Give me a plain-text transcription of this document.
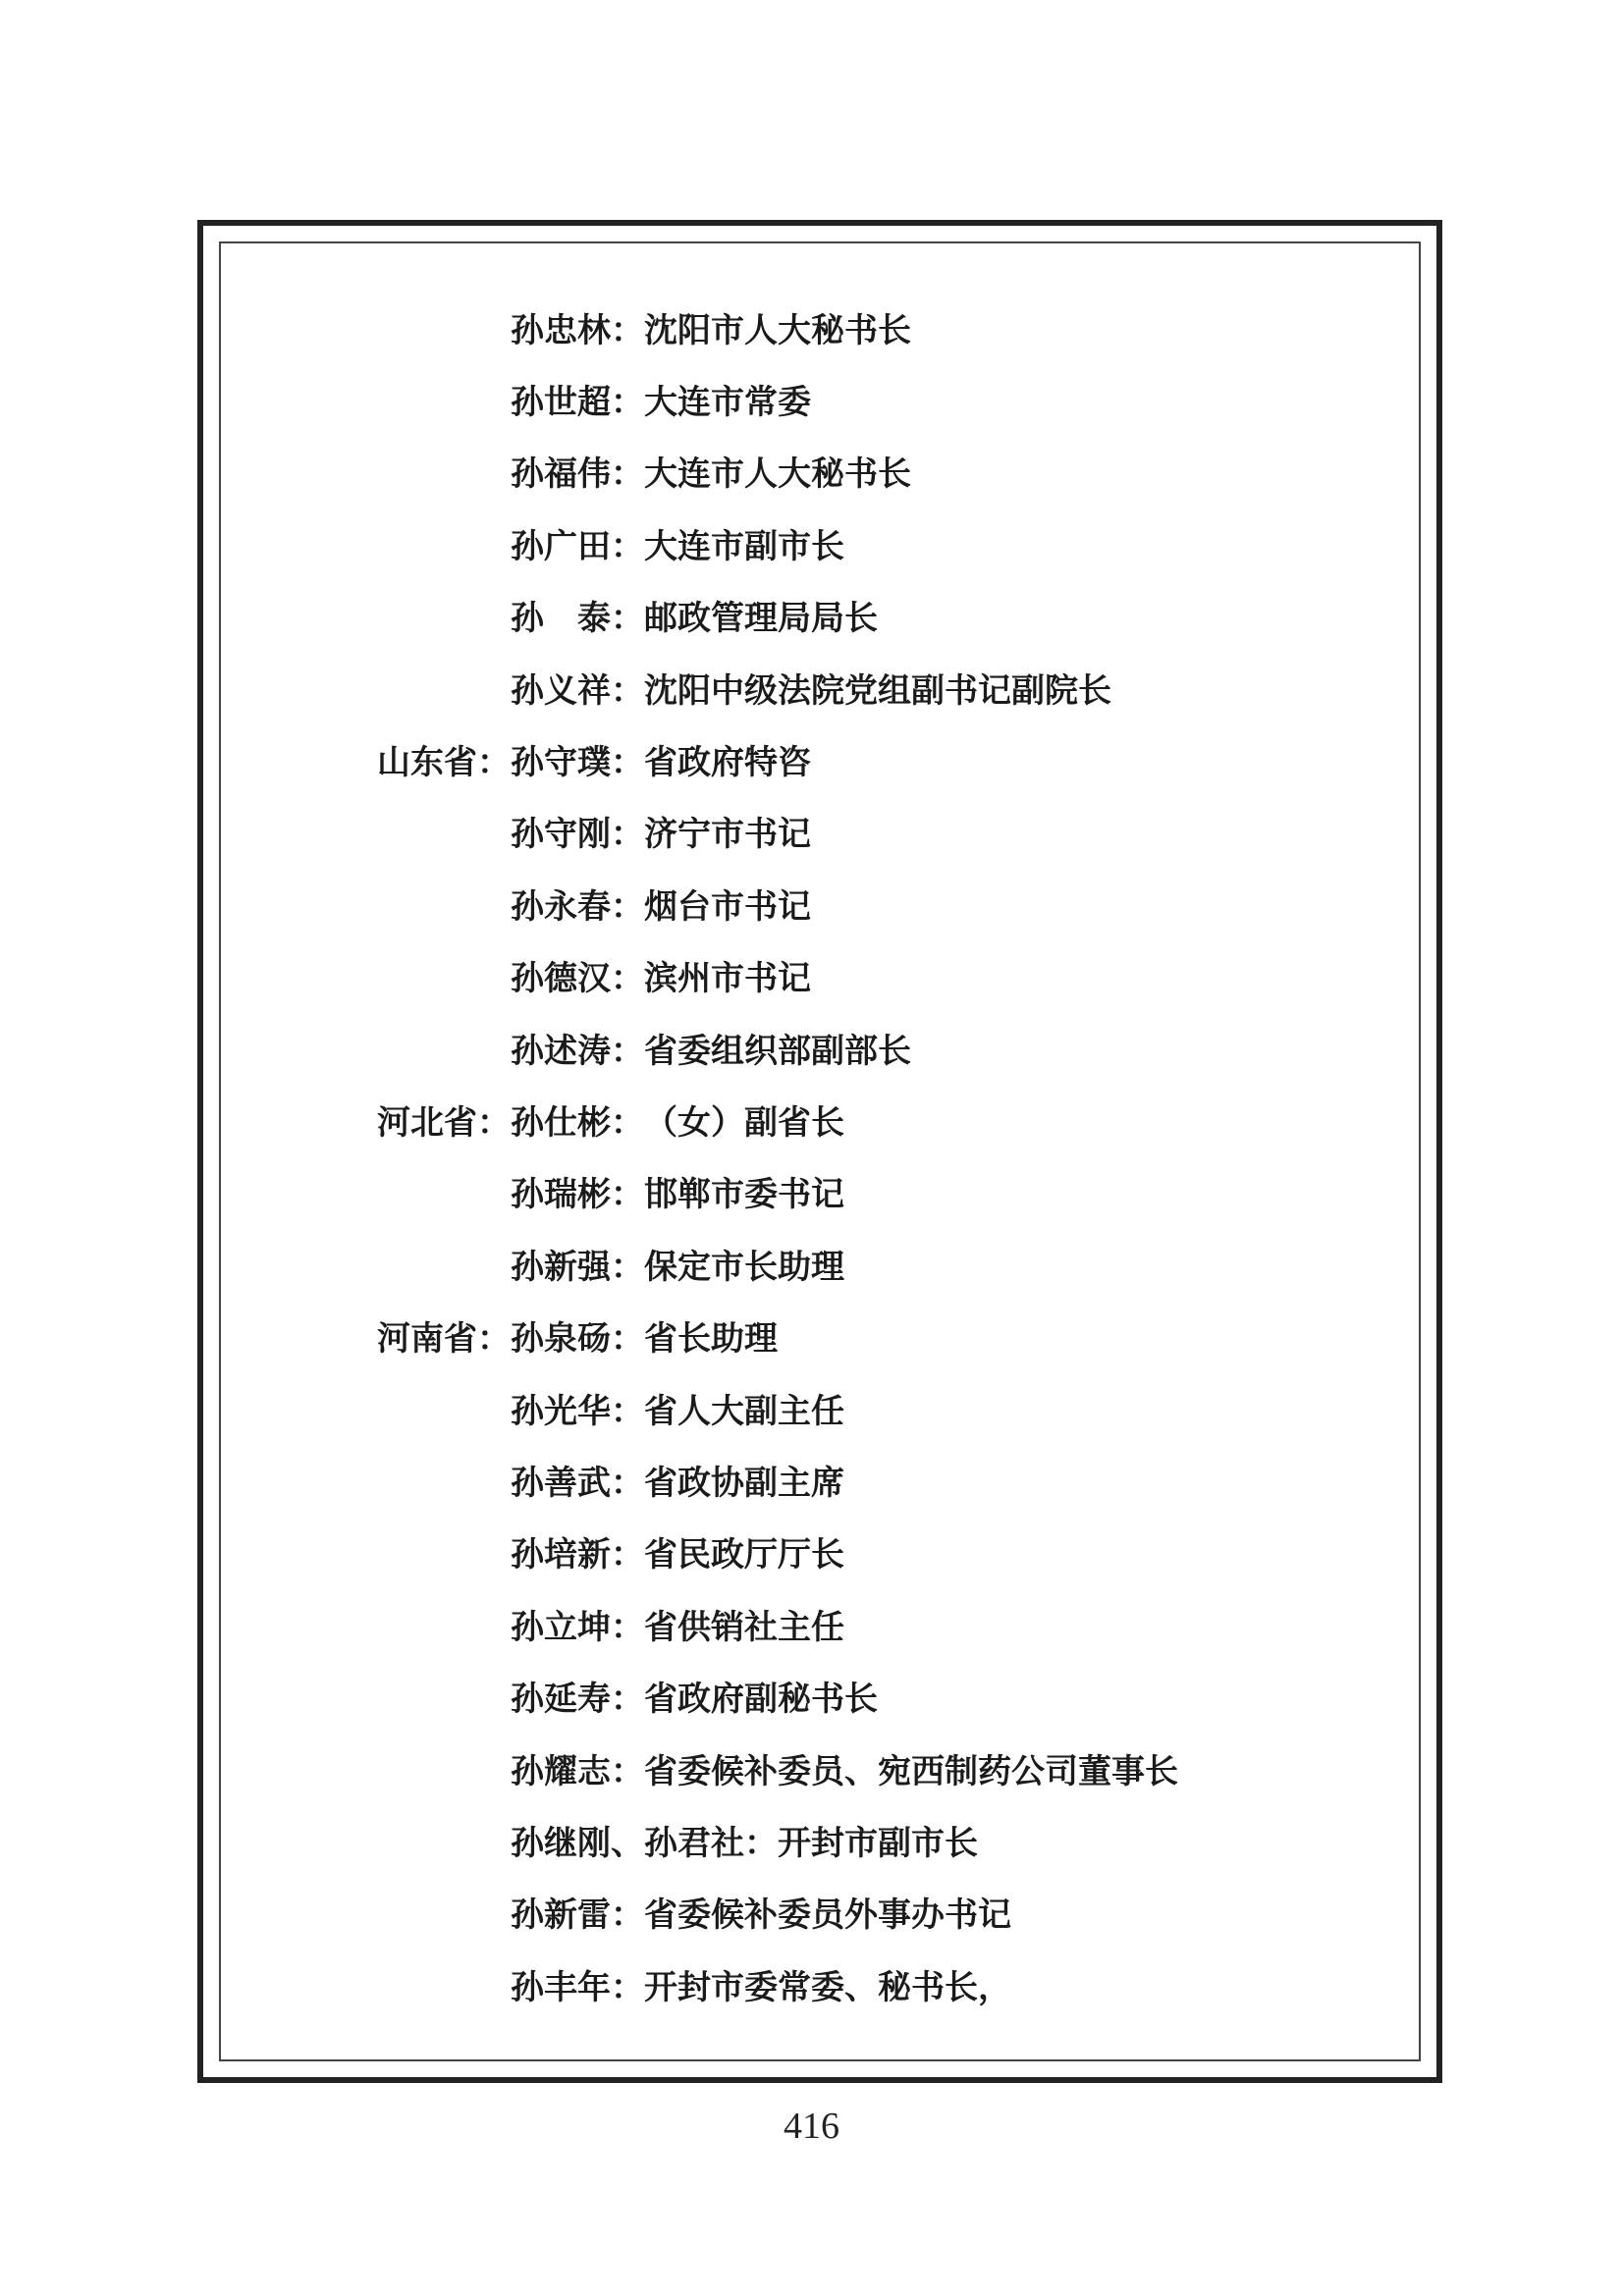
孙忠林： 沈阳市人大秘书长
孙世超： 大连市常委
孙福伟： 大连市人大秘书长
孙广田： 大连市副市长
孙　泰： 邮政管理局局长
孙义祥： 沈阳中级法院党组副书记副院长
山东省： 孙守璞： 省政府特咨
孙守刚： 济宁市书记
孙永春： 烟台市书记
孙德汉： 滨州市书记
孙述涛： 省委组织部副部长
河北省： 孙仕彬： （女）副省长
孙瑞彬： 邯郸市委书记
孙新强： 保定市长助理
河南省： 孙泉砀： 省长助理
孙光华： 省人大副主任
孙善武： 省政协副主席
孙培新： 省民政厅厅长
孙立坤： 省供销社主任
孙延寿： 省政府副秘书长
孙耀志： 省委候补委员、宛西制药公司董事长
孙继刚、孙君社： 开封市副市长
孙新雷： 省委候补委员外事办书记
孙丰年： 开封市委常委、秘书长，
416
